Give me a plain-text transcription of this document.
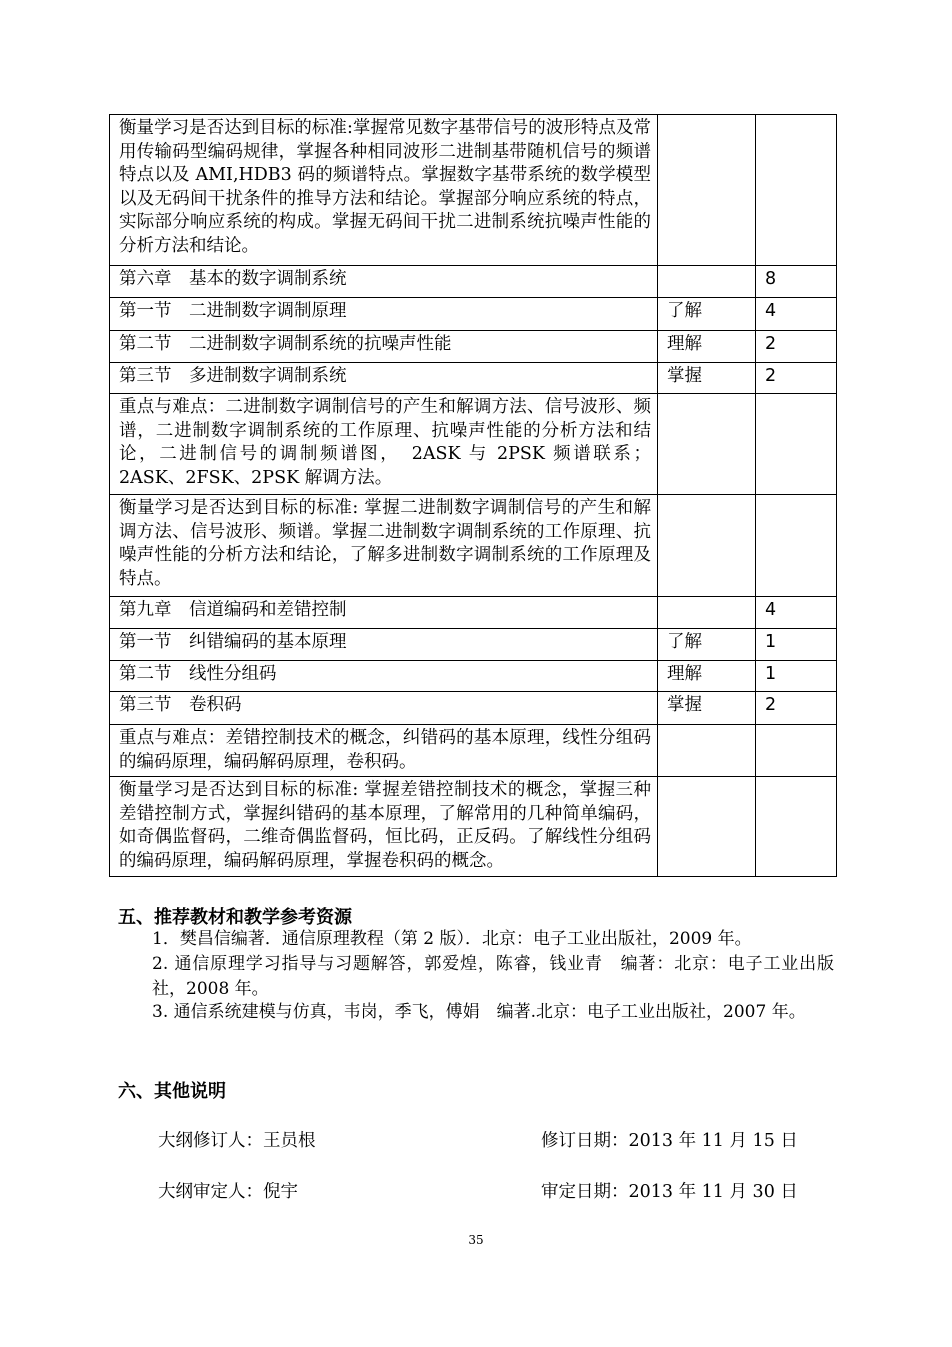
衡量学习是否达到目标的标准:掌握常见数字基带信号的波形特点及常用传输码型编码规律，掌握各种相同波形二进制基带随机信号的频谱特点以及 AMI,HDB3 码的频谱特点。掌握数字基带系统的数学模型以及无码间干扰条件的推导方法和结论。掌握部分响应系统的特点，实际部分响应系统的构成。掌握无码间干扰二进制系统抗噪声性能的分析方法和结论。		
第六章　基本的数字调制系统		8
第一节　二进制数字调制原理	了解	4
第二节　二进制数字调制系统的抗噪声性能	理解	2
第三节　多进制数字调制系统	掌握	2
重点与难点：二进制数字调制信号的产生和解调方法、信号波形、频谱，二进制数字调制系统的工作原理、抗噪声性能的分析方法和结论，二进制信号的调制频谱图，　2ASK 与 2PSK 频谱联系；2ASK、2FSK、2PSK 解调方法。		
衡量学习是否达到目标的标准: 掌握二进制数字调制信号的产生和解调方法、信号波形、频谱。掌握二进制数字调制系统的工作原理、抗噪声性能的分析方法和结论，了解多进制数字调制系统的工作原理及特点。		
第九章　信道编码和差错控制		4
第一节　纠错编码的基本原理	了解	1
第二节　线性分组码	理解	1
第三节　卷积码	掌握	2
重点与难点：差错控制技术的概念，纠错码的基本原理，线性分组码的编码原理，编码解码原理，卷积码。		
衡量学习是否达到目标的标准: 掌握差错控制技术的概念，掌握三种差错控制方式，掌握纠错码的基本原理，了解常用的几种简单编码，如奇偶监督码，二维奇偶监督码，恒比码，正反码。了解线性分组码的编码原理，编码解码原理，掌握卷积码的概念。		
五、推荐教材和教学参考资源
1．樊昌信编著．通信原理教程（第 2 版）．北京：电子工业出版社，2009 年。
2. 通信原理学习指导与习题解答，郭爱煌，陈睿，钱业青　编著：北京：电子工业出版社，2008 年。
3. 通信系统建模与仿真，韦岗，季飞，傅娟　编著.北京：电子工业出版社，2007 年。
六、其他说明
大纲修订人：王员根	修订日期：2013 年 11 月 15 日
大纲审定人：倪宇	审定日期：2013 年 11 月 30 日
35
